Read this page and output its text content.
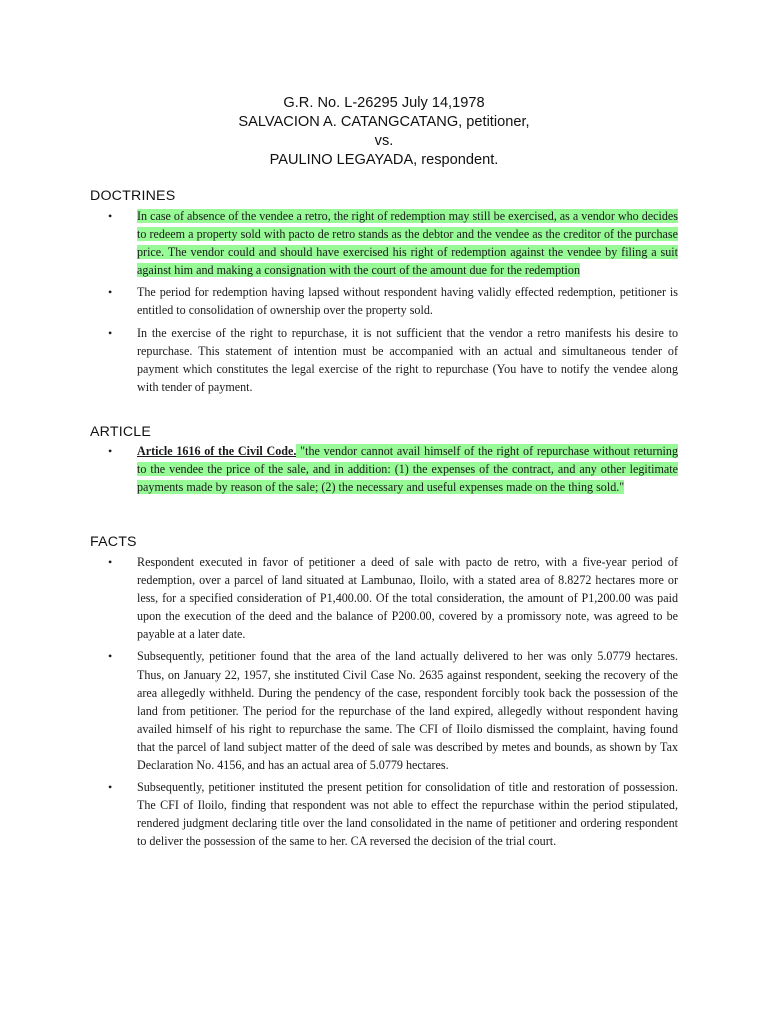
G.R. No. L-26295 July 14,1978
SALVACION A. CATANGCATANG, petitioner,
vs.
PAULINO LEGAYADA, respondent.
DOCTRINES
• In case of absence of the vendee a retro, the right of redemption may still be exercised, as a vendor who decides to redeem a property sold with pacto de retro stands as the debtor and the vendee as the creditor of the purchase price. The vendor could and should have exercised his right of redemption against the vendee by filing a suit against him and making a consignation with the court of the amount due for the redemption
• The period for redemption having lapsed without respondent having validly effected redemption, petitioner is entitled to consolidation of ownership over the property sold.
• In the exercise of the right to repurchase, it is not sufficient that the vendor a retro manifests his desire to repurchase. This statement of intention must be accompanied with an actual and simultaneous tender of payment which constitutes the legal exercise of the right to repurchase (You have to notify the vendee along with tender of payment.
ARTICLE
• Article 1616 of the Civil Code. "the vendor cannot avail himself of the right of repurchase without returning to the vendee the price of the sale, and in addition: (1) the expenses of the contract, and any other legitimate payments made by reason of the sale; (2) the necessary and useful expenses made on the thing sold."
FACTS
• Respondent executed in favor of petitioner a deed of sale with pacto de retro, with a five-year period of redemption, over a parcel of land situated at Lambunao, Iloilo, with a stated area of 8.8272 hectares more or less, for a specified consideration of P1,400.00. Of the total consideration, the amount of P1,200.00 was paid upon the execution of the deed and the balance of P200.00, covered by a promissory note, was agreed to be payable at a later date.
• Subsequently, petitioner found that the area of the land actually delivered to her was only 5.0779 hectares. Thus, on January 22, 1957, she instituted Civil Case No. 2635 against respondent, seeking the recovery of the area allegedly withheld. During the pendency of the case, respondent forcibly took back the possession of the land from petitioner. The period for the repurchase of the land expired, allegedly without respondent having availed himself of his right to repurchase the same. The CFI of Iloilo dismissed the complaint, having found that the parcel of land subject matter of the deed of sale was described by metes and bounds, as shown by Tax Declaration No. 4156, and has an actual area of 5.0779 hectares.
• Subsequently, petitioner instituted the present petition for consolidation of title and restoration of possession. The CFI of Iloilo, finding that respondent was not able to effect the repurchase within the period stipulated, rendered judgment declaring title over the land consolidated in the name of petitioner and ordering respondent to deliver the possession of the same to her. CA reversed the decision of the trial court.
